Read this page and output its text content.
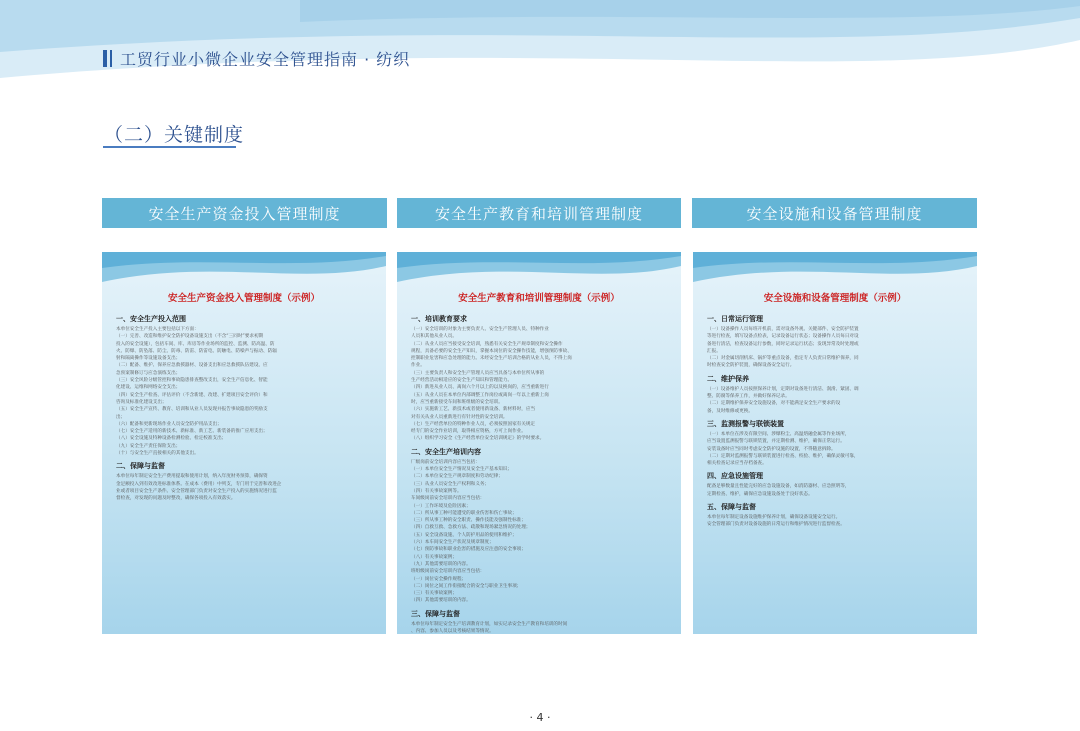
工贸行业小微企业安全管理指南 · 纺织
（二）关键制度
安全生产资金投入管理制度	安全生产教育和培训管理制度	安全设施和设备管理制度
安全生产资金投入管理制度（示例）
一、安全生产投入范围
本单位安全生产投入主要包括以下方面：
（一）完善、改造和维护安全防护设备设施支出（不含“三同时”要求初期
投入的安全设施），包括车间、库、库房等作业场所的监控、监测、防高温、防
火、防爆、防坠落、防尘、防毒、防雷、防雷电、防触电、防噪声与振动、防辐
射和隔离操作等设施设备支出；
（二）配备、维护、保养应急救援器材、设备支出和应急救援队伍建设、应
急预案制修订与应急演练支出；
（三）安全风险分级管控和事故隐患排查整改支出，安全生产信息化、智能
化建设、运维和网络安全支出；
（四）安全生产检查、评估评价（不含新建、改建、扩建项目安全评价）和
咨询及标准化建设支出；
（五）安全生产宣传、教育、培训和从业人员发现并报告事故隐患的奖励支
出；
（六）配备和更新现场作业人员安全防护用品支出；
（七）安全生产适用的新技术、新标准、新工艺、新装备的推广应用支出；
（八）安全设施及特种设备检测检验、检定校准支出；
（九）安全生产责任保险支出；
（十）与安全生产直接相关的其他支出。
二、保障与监督
本单位每年制定安全生产费用提取和使用计划，纳入年度财务预算，确保资
金足额投入到有效改进标准体系。在成本（费用）中列支，专门用于完善和改进企
业或者项目安全生产条件。安全管理部门负责对安全生产投入的实施情况进行监
督检查，对发现的问题及时整改，确保各项投入有效落实。
安全生产教育和培训管理制度（示例）
一、培训教育要求
（一）安全培训的对象为主要负责人、安全生产管理人员、特种作业
人员和其他从业人员。
（二）从业人员应当接受安全培训，熟悉有关安全生产规章制度和安全操作
规程，具备必要的安全生产知识，掌握本岗位的安全操作技能，增强预防事故、
控制职业危害和应急处理的能力。未经安全生产培训合格的从业人员，不得上岗
作业。
（三）主要负责人和安全生产管理人员应当具备与本单位所从事的
生产经营活动相适应的安全生产知识和管理能力。
（四）新进从业人员、离岗六个月以上的以及换岗的，应当重新进行
（五）从业人员在本单位内部调整工作岗位或离岗一年以上重新上岗
时，应当重新接受车间和班组级的安全培训。
（六）实施新工艺、新技术或者使用新设备、新材料时，应当
对有关从业人员重新进行有针对性的安全培训。
（七）生产经营单位的特种作业人员，必须按照国家有关规定
经专门的安全作业培训，取得相应资格，方可上岗作业。
（八）组织学习安全《生产经营单位安全培训规定》的学时要求。
二、安全生产培训内容
厂级岗前安全培训内容应当包括：
（一）本单位安全生产情况及安全生产基本知识；
（二）本单位安全生产规章制度和劳动纪律；
（三）从业人员安全生产权利和义务；
（四）有关事故案例等。
车间级岗前安全培训内容应当包括：
（一）工作环境及危险因素；
（二）所从事工种可能遭受的职业伤害和伤亡事故；
（三）所从事工种的安全职责、操作技能及强制性标准；
（四）自救互救、急救方法、疏散和现场紧急情况的处理；
（五）安全设备设施、个人防护用品的使用和维护；
（六）本车间安全生产状况及规章制度；
（七）预防事故和职业危害的措施及应注意的安全事项；
（八）有关事故案例；
（九）其他需要培训的内容。
班组级岗前安全培训内容应当包括：
（一）岗位安全操作规程；
（二）岗位之间工作衔接配合的安全与职业卫生事项；
（三）有关事故案例；
（四）其他需要培训的内容。
三、保障与监督
本单位每年制定安全生产培训教育计划，如实记录安全生产教育和培训的时间
、内容、参加人员以及考核结果等情况。
安全设施和设备管理制度（示例）
一、日常运行管理
（一）设备操作人员每班开机前，需对设备外观、关键部件、安全防护装置
等进行检查，填写设备点检表，记录设备运行状态；设备操作人员每日对设
备进行清洁，检查设备运行参数，同时记录运行状态；发现异常及时处理或
汇报。
（二）对金属切削机床、锅炉等重点设备，指定专人负责日常维护保养，同
时检查安全防护装置，确保设备安全运行。
二、维护保养
（一）设备维护人员按照保养计划，定期对设备进行清洁、润滑、紧固、调
整、防腐等保养工作，并做好保养记录。
（二）定期维护保养安全设施设备，对不能满足安全生产要求的设
备，及时维修或更换。
三、监测报警与联锁装置
（一）本单位在涉及有限空间、涉爆粉尘、高温熔融金属等作业场所，
应当设置监测报警与联锁装置，并定期检测、维护，确保正常运行。
安装设备时应当同时考虑安全防护设施的设置，不得随意拆除。
（二）定期对监测报警与联锁装置进行检查、校验、维护，确保灵敏可靠，
相关检查记录应当存档备查。
四、应急设施管理
配备足够数量且性能完好的应急设施设备，如消防器材、应急照明等，
定期检查、维护，确保应急设施设备处于良好状态。
五、保障与监督
本单位每年制定设备设施维护保养计划，确保设备设施安全运行。
安全管理部门负责对设备设施的日常运行和维护情况进行监督检查。
· 4 ·
